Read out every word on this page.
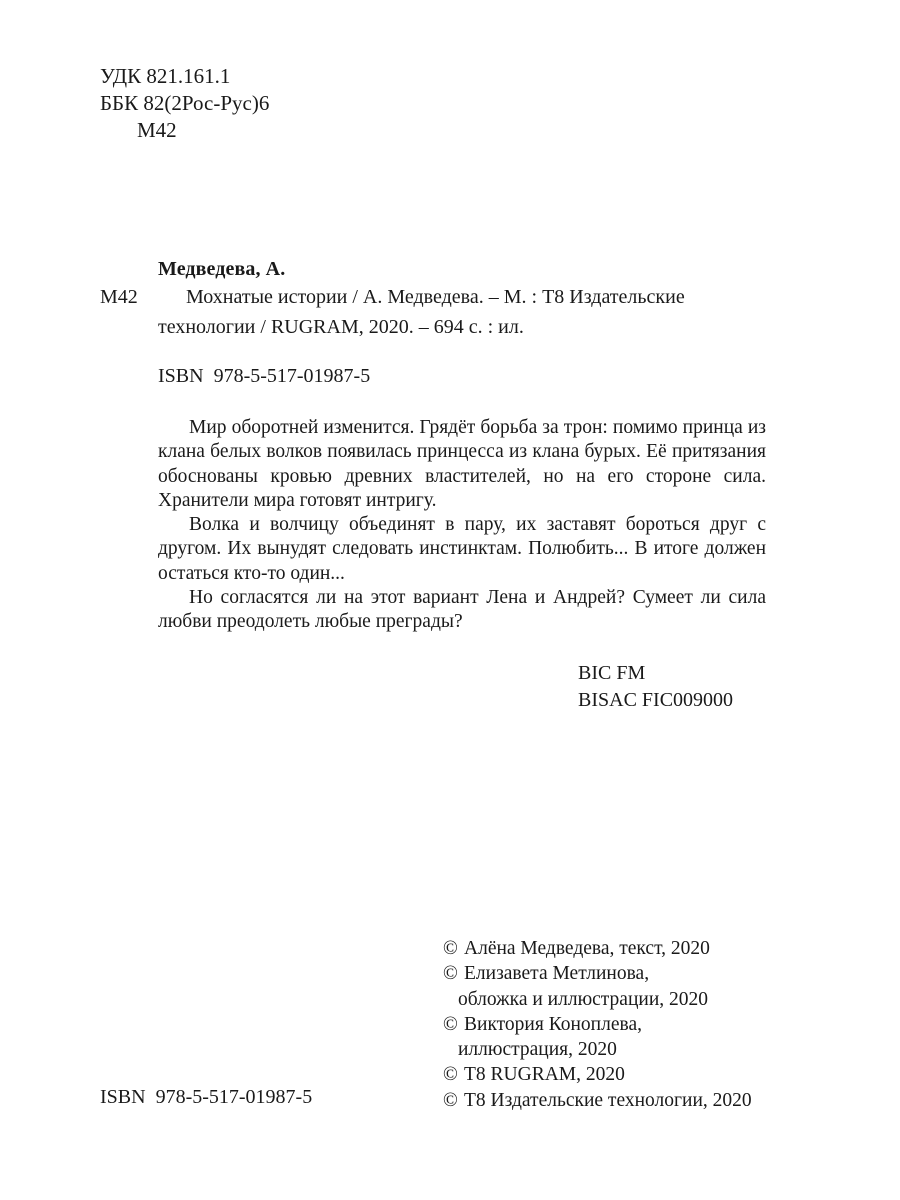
УДК 821.161.1
ББК 82(2Рос-Рус)6
М42
Медведева, А.
М42	Мохнатые истории / А. Медведева. – М. : Т8 Издательские технологии / RUGRAM, 2020. – 694 с. : ил.
ISBN 978-5-517-01987-5

Мир оборотней изменится. Грядёт борьба за трон: помимо принца из клана белых волков появилась принцесса из клана бурых. Её притязания обоснованы кровью древних властителей, но на его стороне сила. Хранители мира готовят интригу.

Волка и волчицу объединят в пару, их заставят бороться друг с другом. Их вынудят следовать инстинктам. Полюбить... В итоге должен остаться кто-то один...

Но согласятся ли на этот вариант Лена и Андрей? Сумеет ли сила любви преодолеть любые преграды?

BIC FM
BISAC FIC009000
© Алёна Медведева, текст, 2020
© Елизавета Метлинова,
обложка и иллюстрации, 2020
© Виктория Коноплева,
иллюстрация, 2020
© Т8 RUGRAM, 2020
© Т8 Издательские технологии, 2020
ISBN 978-5-517-01987-5
